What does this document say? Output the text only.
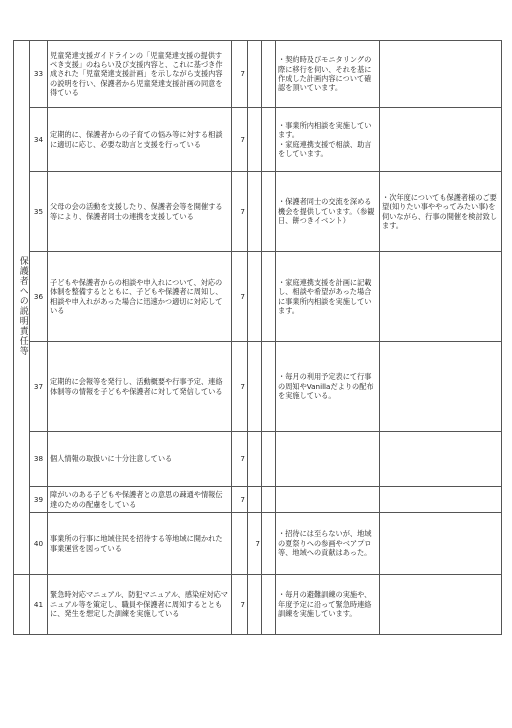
保護者への説明責任等	33	児童発達支援ガイドラインの「児童発達支援の提供すべき支援」のねらい及び支援内容と、これに基づき作成された「児童発達支援計画」を示しながら支援内容の説明を行い、保護者から児童発達支援計画の同意を得ている	7			・契約時及びモニタリングの際に移行を伺い、それを基に作成した計画内容について確認を頂いています。	
	34	定期的に、保護者からの子育ての悩み等に対する相談に適切に応じ、必要な助言と支援を行っている	7			・事業所内相談を実施しています。
・家庭連携支援で相談、助言をしています。	
	35	父母の会の活動を支援したり、保護者会等を開催する等により、保護者同士の連携を支援している	7			・保護者同士の交流を深める機会を提供しています。（参観日、餅つきイベント）	・次年度についても保護者様のご要望(知りたい事ややってみたい事)を伺いながら、行事の開催を検討致します。
	36	子どもや保護者からの相談や申入れについて、対応の体制を整備するとともに、子どもや保護者に周知し、相談や申入れがあった場合に迅速かつ適切に対応している	7			・家庭連携支援を計画に記載し、相談や希望があった場合に事業所内相談を実施しています。	
	37	定期的に会報等を発行し、活動概要や行事予定、連絡体制等の情報を子どもや保護者に対して発信している	7			・毎月の利用予定表にて行事の周知やVanillaだよりの配布を実施している。	
	38	個人情報の取扱いに十分注意している	7				
	39	障がいのある子どもや保護者との意思の疎通や情報伝達のための配慮をしている	7				
	40	事業所の行事に地域住民を招待する等地域に開かれた事業運営を図っている		7		・招待には至らないが、地域の夏祭りへの参画やベアプロ等、地域への貢献はあった。	
	41	緊急時対応マニュアル、防犯マニュアル、感染症対応マニュアル等を策定し、職員や保護者に周知するとともに、発生を想定した訓練を実施している	7			・毎月の避難訓練の実施や、年度予定に沿って緊急時連絡訓練を実施しています。	
